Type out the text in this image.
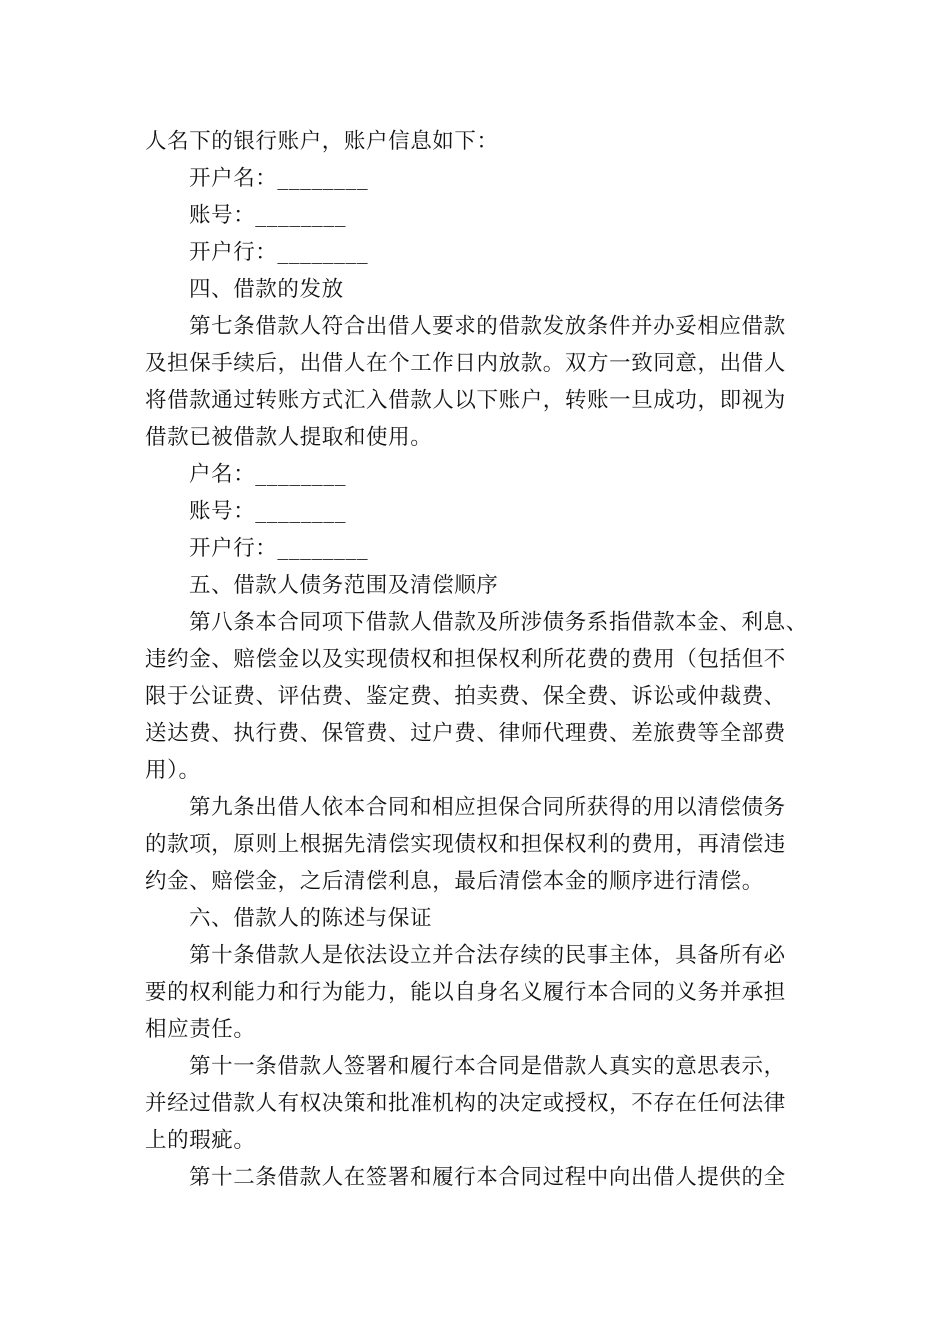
人名下的银行账户，账户信息如下：
开户名：________
账号：________
开户行：________
四、借款的发放
第七条借款人符合出借人要求的借款发放条件并办妥相应借款
及担保手续后，出借人在个工作日内放款。双方一致同意，出借人
将借款通过转账方式汇入借款人以下账户，转账一旦成功，即视为
借款已被借款人提取和使用。
户名：________
账号：________
开户行：________
五、借款人债务范围及清偿顺序
第八条本合同项下借款人借款及所涉债务系指借款本金、利息、
违约金、赔偿金以及实现债权和担保权利所花费的费用（包括但不
限于公证费、评估费、鉴定费、拍卖费、保全费、诉讼或仲裁费、
送达费、执行费、保管费、过户费、律师代理费、差旅费等全部费
用）。
第九条出借人依本合同和相应担保合同所获得的用以清偿债务
的款项，原则上根据先清偿实现债权和担保权利的费用，再清偿违
约金、赔偿金，之后清偿利息，最后清偿本金的顺序进行清偿。
六、借款人的陈述与保证
第十条借款人是依法设立并合法存续的民事主体，具备所有必
要的权利能力和行为能力，能以自身名义履行本合同的义务并承担
相应责任。
第十一条借款人签署和履行本合同是借款人真实的意思表示，
并经过借款人有权决策和批准机构的决定或授权，不存在任何法律
上的瑕疵。
第十二条借款人在签署和履行本合同过程中向出借人提供的全
